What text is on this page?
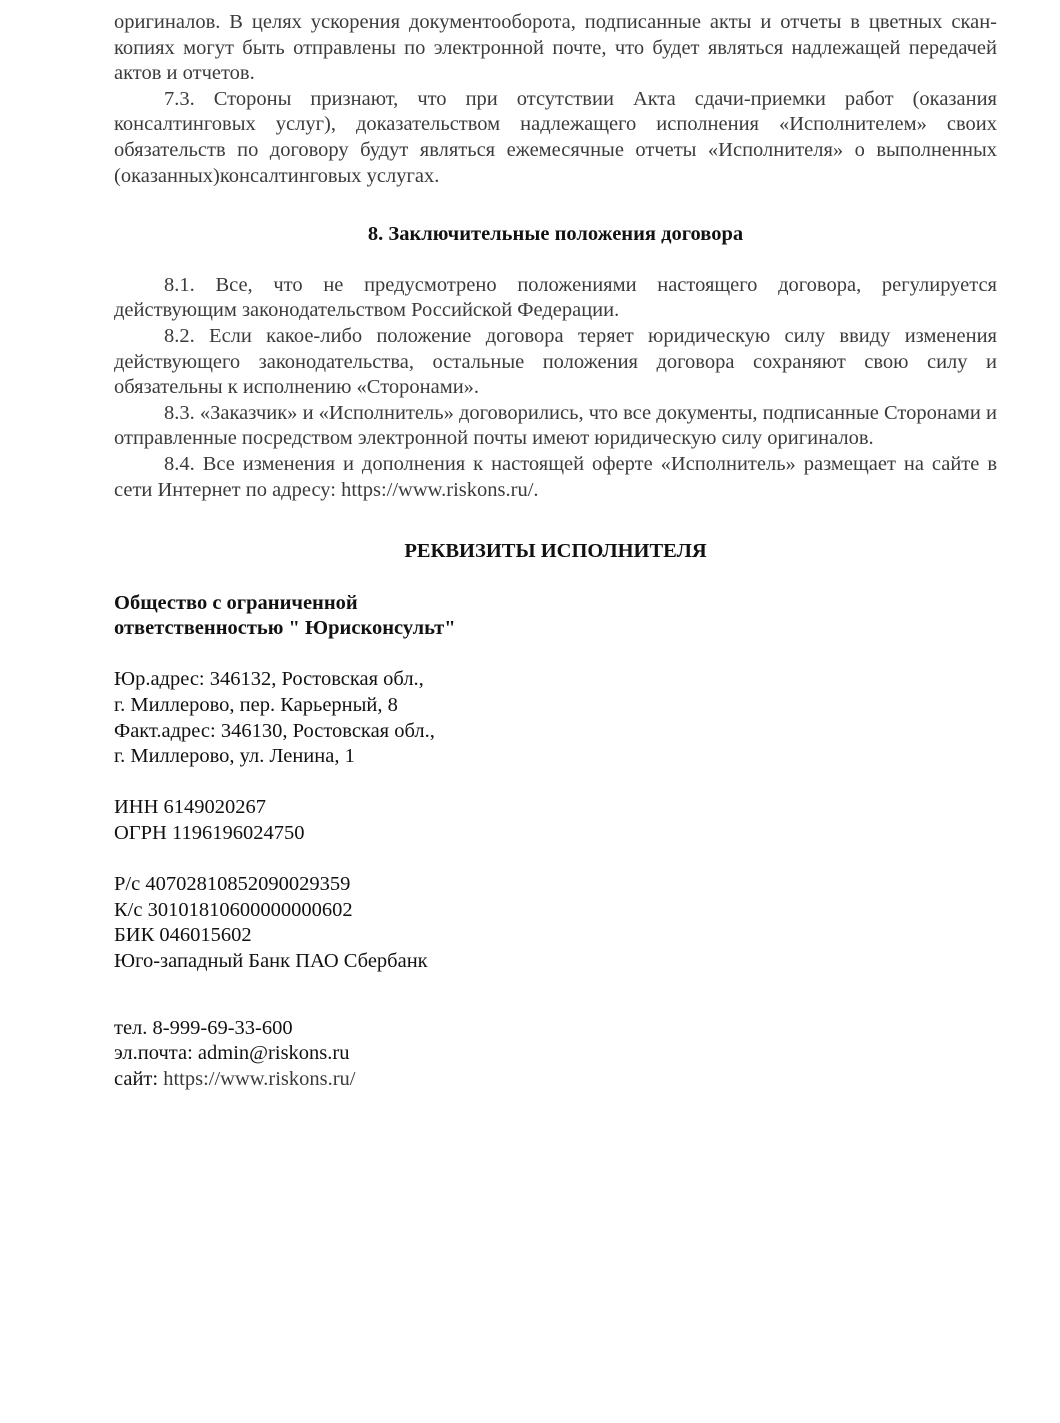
оригиналов. В целях ускорения документооборота, подписанные акты и отчеты в цветных скан-копиях могут быть отправлены по электронной почте, что будет являться надлежащей передачей актов и отчетов.

7.3. Стороны признают, что при отсутствии Акта сдачи-приемки работ (оказания консалтинговых услуг), доказательством надлежащего исполнения «Исполнителем» своих обязательств по договору будут являться ежемесячные отчеты «Исполнителя» о выполненных (оказанных)консалтинговых услугах.

8. Заключительные положения договора

8.1. Все, что не предусмотрено положениями настоящего договора, регулируется действующим законодательством Российской Федерации.

8.2. Если какое-либо положение договора теряет юридическую силу ввиду изменения действующего законодательства, остальные положения договора сохраняют свою силу и обязательны к исполнению «Сторонами».

8.3. «Заказчик» и «Исполнитель» договорились, что все документы, подписанные Сторонами и отправленные посредством электронной почты имеют юридическую силу оригиналов.

8.4. Все изменения и дополнения к настоящей оферте «Исполнитель» размещает на сайте в сети Интернет по адресу: https://www.riskons.ru/.

РЕКВИЗИТЫ ИСПОЛНИТЕЛЯ

Общество с ограниченной
ответственностью " Юрисконсульт"
Юр.адрес: 346132, Ростовская обл.,
г. Миллерово, пер. Карьерный, 8
Факт.адрес: 346130, Ростовская обл.,
г. Миллерово, ул. Ленина, 1
ИНН 6149020267
ОГРН 1196196024750
Р/с 40702810852090029359
К/с 30101810600000000602
БИК 046015602
Юго-западный Банк ПАО Сбербанк
тел. 8-999-69-33-600
эл.почта: admin@riskons.ru
сайт: https://www.riskons.ru/
